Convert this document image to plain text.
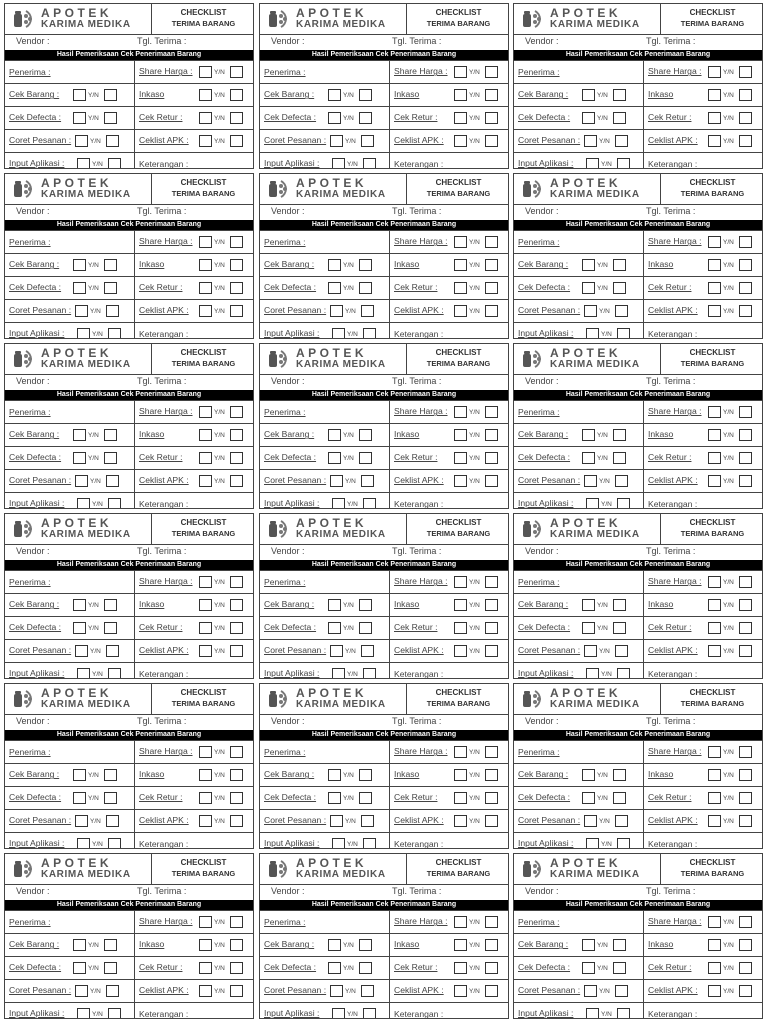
APOTEK
KARIMA MEDIKA
CHECKLIST
TERIMA BARANG
Vendor :	Tgl. Terima :
Hasil Pemeriksaan Cek Penerimaan Barang
Penerima :	Share Harga : Y/N
Cek Barang : Y/N	Inkaso Y/N
Cek Defecta : Y/N	Cek Retur : Y/N
Coret Pesanan : Y/N	Ceklist APK : Y/N
Input Aplikasi : Y/N	Keterangan :
APOTEK
KARIMA MEDIKA
CHECKLIST
TERIMA BARANG
Vendor :	Tgl. Terima :
Hasil Pemeriksaan Cek Penerimaan Barang
Penerima :	Share Harga : Y/N
Cek Barang : Y/N	Inkaso Y/N
Cek Defecta : Y/N	Cek Retur : Y/N
Coret Pesanan : Y/N	Ceklist APK : Y/N
Input Aplikasi : Y/N	Keterangan :
APOTEK
KARIMA MEDIKA
CHECKLIST
TERIMA BARANG
Vendor :	Tgl. Terima :
Hasil Pemeriksaan Cek Penerimaan Barang
Penerima :	Share Harga : Y/N
Cek Barang : Y/N	Inkaso Y/N
Cek Defecta : Y/N	Cek Retur : Y/N
Coret Pesanan : Y/N	Ceklist APK : Y/N
Input Aplikasi : Y/N	Keterangan :
APOTEK
KARIMA MEDIKA
CHECKLIST
TERIMA BARANG
Vendor :	Tgl. Terima :
Hasil Pemeriksaan Cek Penerimaan Barang
Penerima :	Share Harga : Y/N
Cek Barang : Y/N	Inkaso Y/N
Cek Defecta : Y/N	Cek Retur : Y/N
Coret Pesanan : Y/N	Ceklist APK : Y/N
Input Aplikasi : Y/N	Keterangan :
APOTEK
KARIMA MEDIKA
CHECKLIST
TERIMA BARANG
Vendor :	Tgl. Terima :
Hasil Pemeriksaan Cek Penerimaan Barang
Penerima :	Share Harga : Y/N
Cek Barang : Y/N	Inkaso Y/N
Cek Defecta : Y/N	Cek Retur : Y/N
Coret Pesanan : Y/N	Ceklist APK : Y/N
Input Aplikasi : Y/N	Keterangan :
APOTEK
KARIMA MEDIKA
CHECKLIST
TERIMA BARANG
Vendor :	Tgl. Terima :
Hasil Pemeriksaan Cek Penerimaan Barang
Penerima :	Share Harga : Y/N
Cek Barang : Y/N	Inkaso Y/N
Cek Defecta : Y/N	Cek Retur : Y/N
Coret Pesanan : Y/N	Ceklist APK : Y/N
Input Aplikasi : Y/N	Keterangan :
APOTEK
KARIMA MEDIKA
CHECKLIST
TERIMA BARANG
Vendor :	Tgl. Terima :
Hasil Pemeriksaan Cek Penerimaan Barang
Penerima :	Share Harga : Y/N
Cek Barang : Y/N	Inkaso Y/N
Cek Defecta : Y/N	Cek Retur : Y/N
Coret Pesanan : Y/N	Ceklist APK : Y/N
Input Aplikasi : Y/N	Keterangan :
APOTEK
KARIMA MEDIKA
CHECKLIST
TERIMA BARANG
Vendor :	Tgl. Terima :
Hasil Pemeriksaan Cek Penerimaan Barang
Penerima :	Share Harga : Y/N
Cek Barang : Y/N	Inkaso Y/N
Cek Defecta : Y/N	Cek Retur : Y/N
Coret Pesanan : Y/N	Ceklist APK : Y/N
Input Aplikasi : Y/N	Keterangan :
APOTEK
KARIMA MEDIKA
CHECKLIST
TERIMA BARANG
Vendor :	Tgl. Terima :
Hasil Pemeriksaan Cek Penerimaan Barang
Penerima :	Share Harga : Y/N
Cek Barang : Y/N	Inkaso Y/N
Cek Defecta : Y/N	Cek Retur : Y/N
Coret Pesanan : Y/N	Ceklist APK : Y/N
Input Aplikasi : Y/N	Keterangan :
APOTEK
KARIMA MEDIKA
CHECKLIST
TERIMA BARANG
Vendor :	Tgl. Terima :
Hasil Pemeriksaan Cek Penerimaan Barang
Penerima :	Share Harga : Y/N
Cek Barang : Y/N	Inkaso Y/N
Cek Defecta : Y/N	Cek Retur : Y/N
Coret Pesanan : Y/N	Ceklist APK : Y/N
Input Aplikasi : Y/N	Keterangan :
APOTEK
KARIMA MEDIKA
CHECKLIST
TERIMA BARANG
Vendor :	Tgl. Terima :
Hasil Pemeriksaan Cek Penerimaan Barang
Penerima :	Share Harga : Y/N
Cek Barang : Y/N	Inkaso Y/N
Cek Defecta : Y/N	Cek Retur : Y/N
Coret Pesanan : Y/N	Ceklist APK : Y/N
Input Aplikasi : Y/N	Keterangan :
APOTEK
KARIMA MEDIKA
CHECKLIST
TERIMA BARANG
Vendor :	Tgl. Terima :
Hasil Pemeriksaan Cek Penerimaan Barang
Penerima :	Share Harga : Y/N
Cek Barang : Y/N	Inkaso Y/N
Cek Defecta : Y/N	Cek Retur : Y/N
Coret Pesanan : Y/N	Ceklist APK : Y/N
Input Aplikasi : Y/N	Keterangan :
APOTEK
KARIMA MEDIKA
CHECKLIST
TERIMA BARANG
Vendor :	Tgl. Terima :
Hasil Pemeriksaan Cek Penerimaan Barang
Penerima :	Share Harga : Y/N
Cek Barang : Y/N	Inkaso Y/N
Cek Defecta : Y/N	Cek Retur : Y/N
Coret Pesanan : Y/N	Ceklist APK : Y/N
Input Aplikasi : Y/N	Keterangan :
APOTEK
KARIMA MEDIKA
CHECKLIST
TERIMA BARANG
Vendor :	Tgl. Terima :
Hasil Pemeriksaan Cek Penerimaan Barang
Penerima :	Share Harga : Y/N
Cek Barang : Y/N	Inkaso Y/N
Cek Defecta : Y/N	Cek Retur : Y/N
Coret Pesanan : Y/N	Ceklist APK : Y/N
Input Aplikasi : Y/N	Keterangan :
APOTEK
KARIMA MEDIKA
CHECKLIST
TERIMA BARANG
Vendor :	Tgl. Terima :
Hasil Pemeriksaan Cek Penerimaan Barang
Penerima :	Share Harga : Y/N
Cek Barang : Y/N	Inkaso Y/N
Cek Defecta : Y/N	Cek Retur : Y/N
Coret Pesanan : Y/N	Ceklist APK : Y/N
Input Aplikasi : Y/N	Keterangan :
APOTEK
KARIMA MEDIKA
CHECKLIST
TERIMA BARANG
Vendor :	Tgl. Terima :
Hasil Pemeriksaan Cek Penerimaan Barang
Penerima :	Share Harga : Y/N
Cek Barang : Y/N	Inkaso Y/N
Cek Defecta : Y/N	Cek Retur : Y/N
Coret Pesanan : Y/N	Ceklist APK : Y/N
Input Aplikasi : Y/N	Keterangan :
APOTEK
KARIMA MEDIKA
CHECKLIST
TERIMA BARANG
Vendor :	Tgl. Terima :
Hasil Pemeriksaan Cek Penerimaan Barang
Penerima :	Share Harga : Y/N
Cek Barang : Y/N	Inkaso Y/N
Cek Defecta : Y/N	Cek Retur : Y/N
Coret Pesanan : Y/N	Ceklist APK : Y/N
Input Aplikasi : Y/N	Keterangan :
APOTEK
KARIMA MEDIKA
CHECKLIST
TERIMA BARANG
Vendor :	Tgl. Terima :
Hasil Pemeriksaan Cek Penerimaan Barang
Penerima :	Share Harga : Y/N
Cek Barang : Y/N	Inkaso Y/N
Cek Defecta : Y/N	Cek Retur : Y/N
Coret Pesanan : Y/N	Ceklist APK : Y/N
Input Aplikasi : Y/N	Keterangan :
